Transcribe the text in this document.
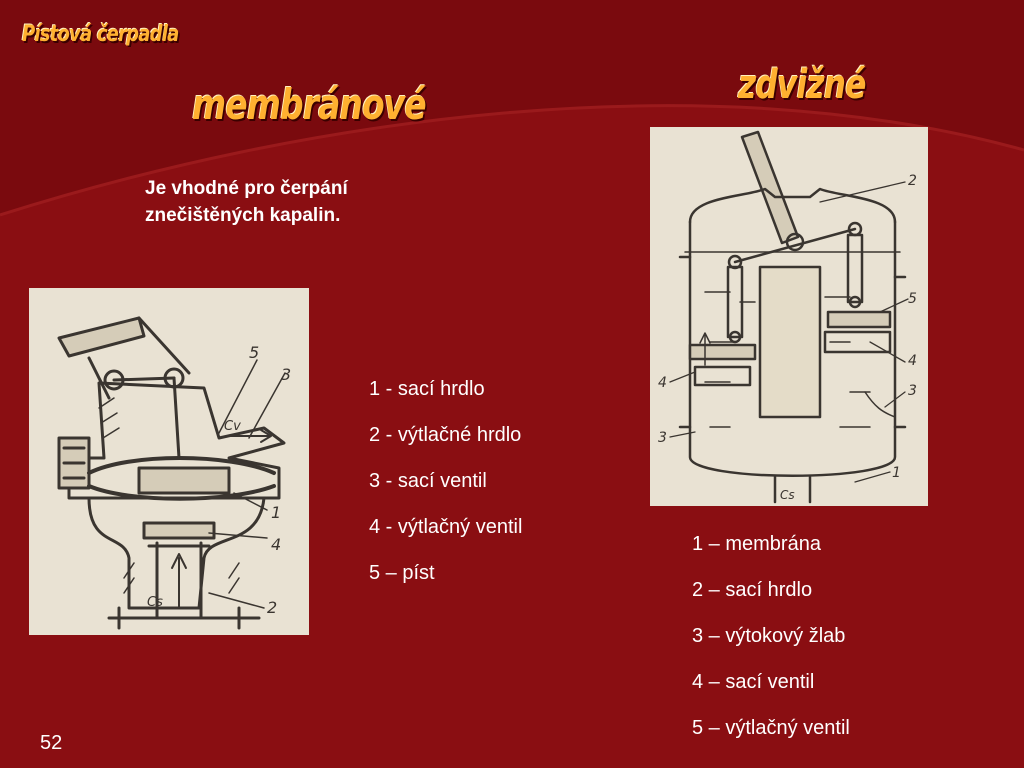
Pístová čerpadla
membránové	zdvižné

Je vhodné pro čerpání znečištěných kapalin.

5
3
1
4
2
Cv
Cs
2
5
4
3
4
3
1
Cs
1 - sací hrdlo
2 - výtlačné hrdlo
3 - sací ventil
4 - výtlačný ventil
5 – píst
1 – membrána
2 – sací hrdlo
3 – výtokový žlab
4 – sací ventil
5 – výtlačný ventil
52
